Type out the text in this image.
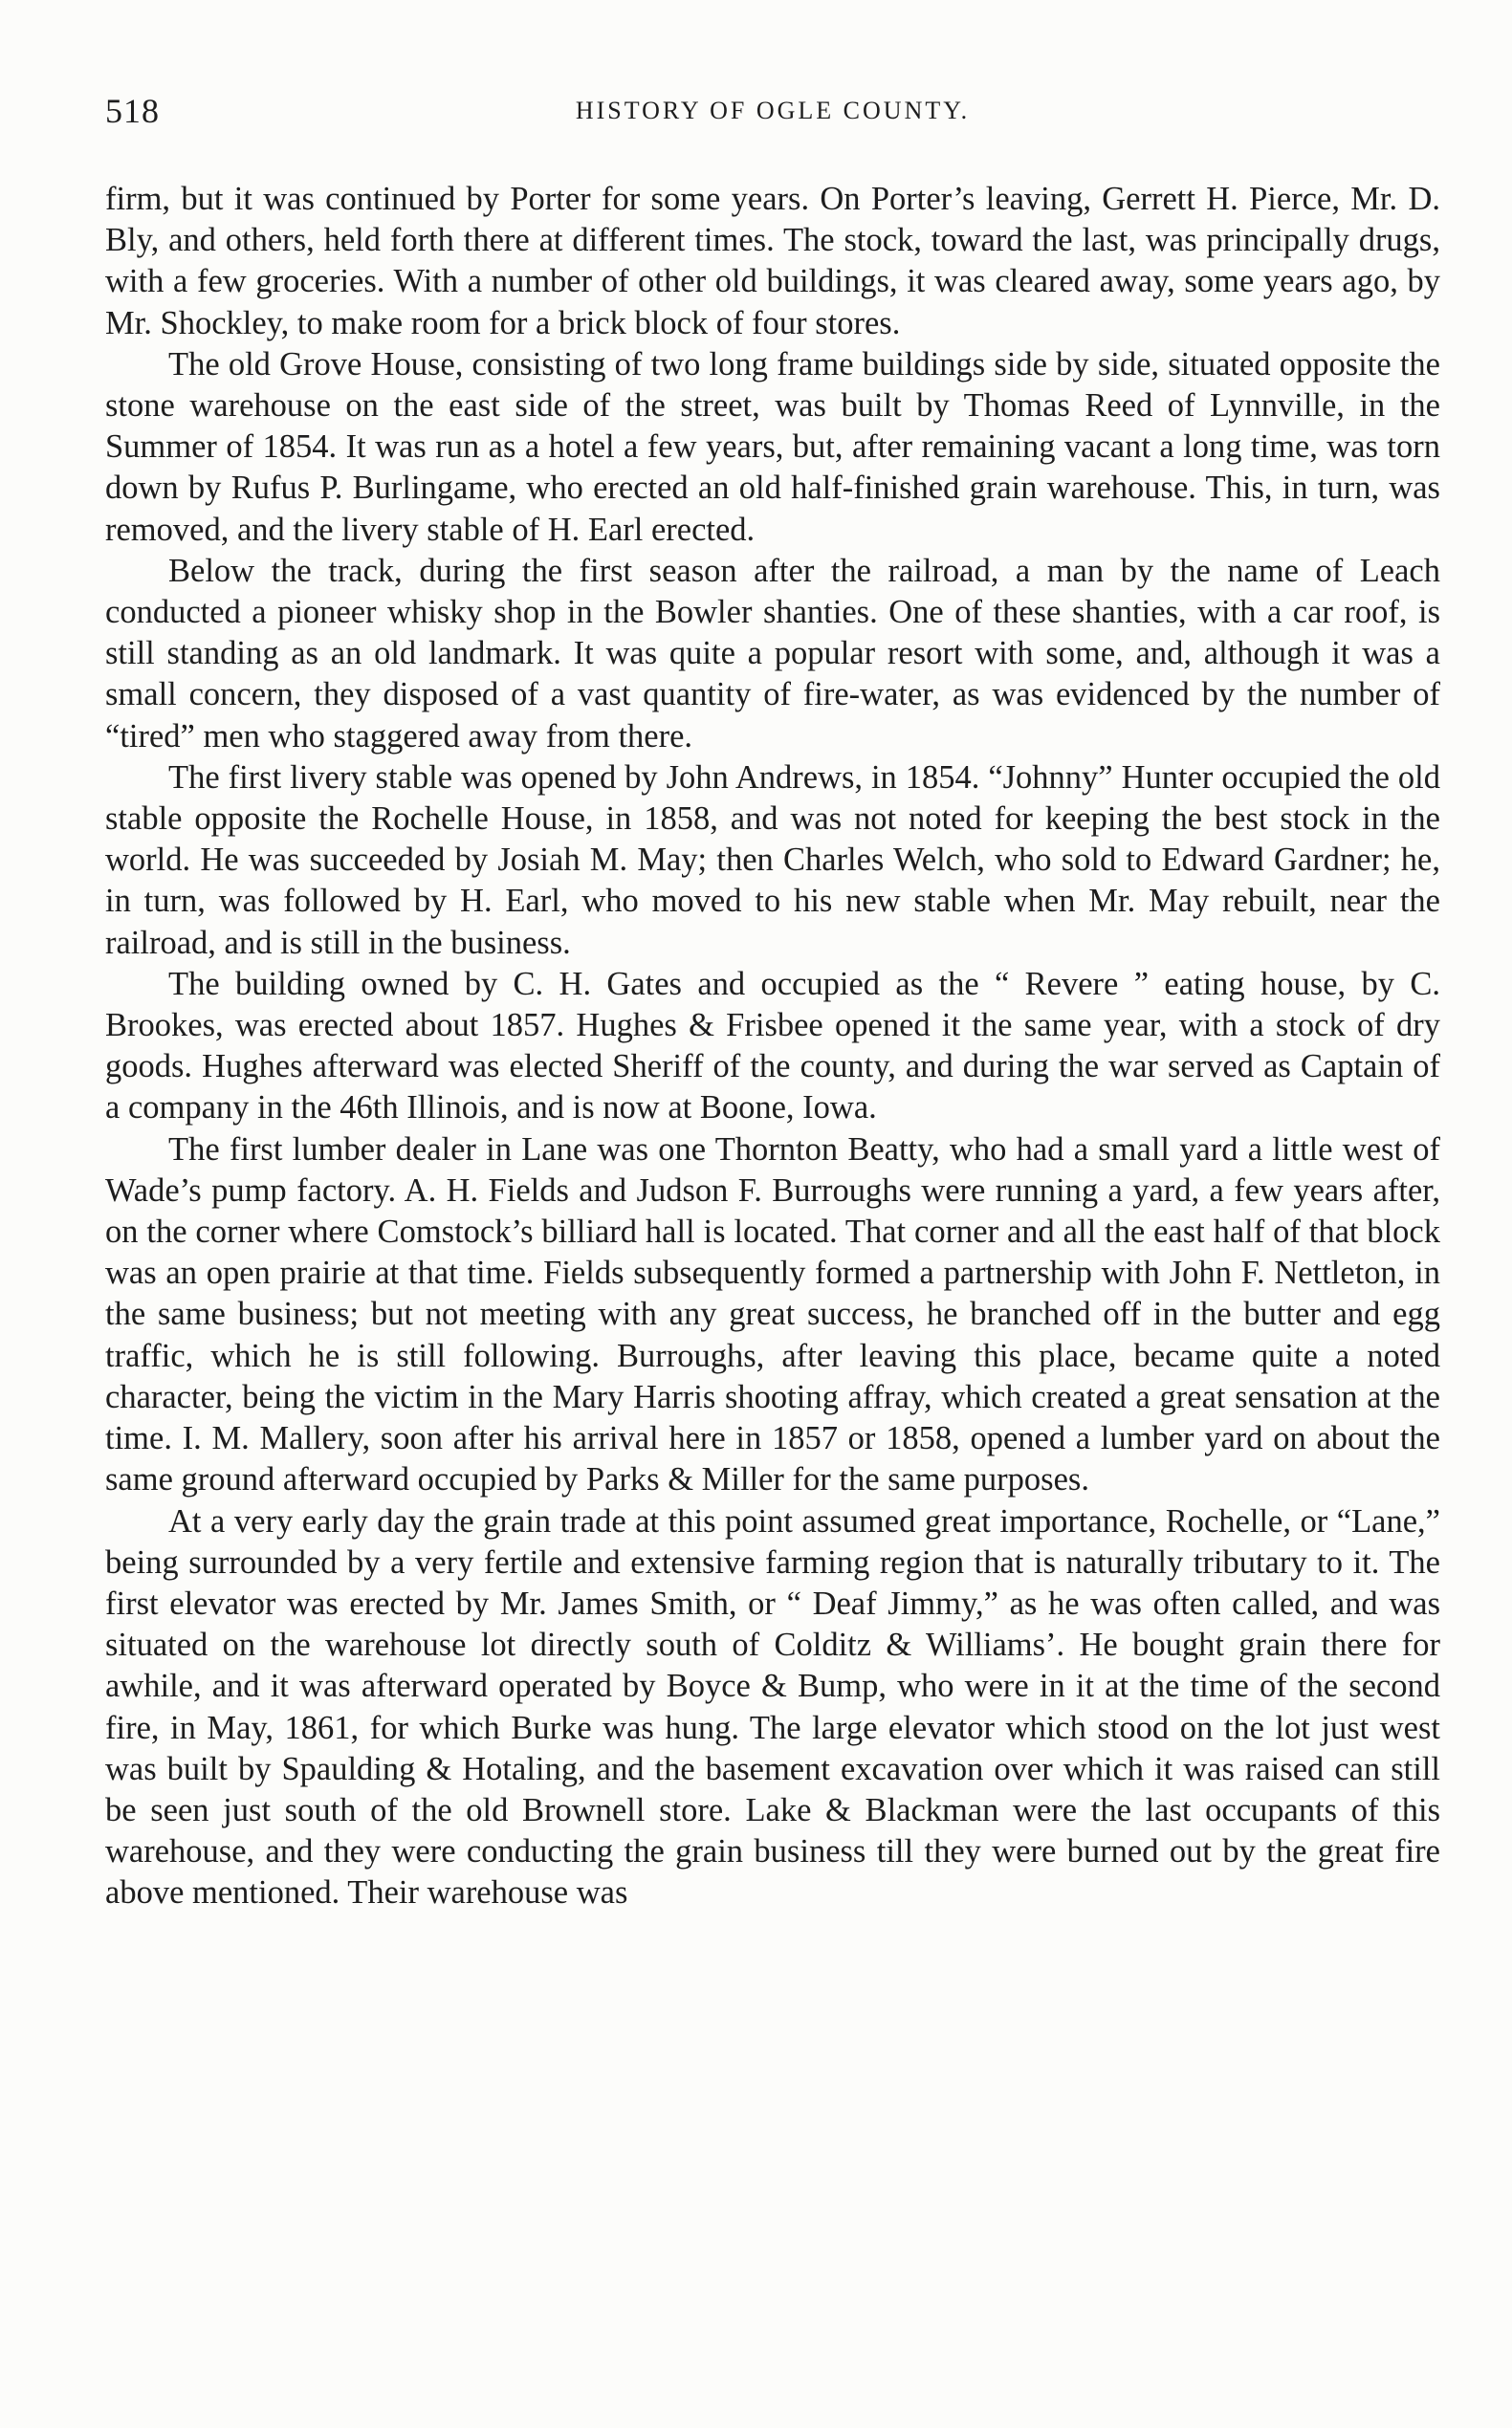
518	HISTORY OF OGLE COUNTY.

firm, but it was continued by Porter for some years. On Porter’s leaving, Gerrett H. Pierce, Mr. D. Bly, and others, held forth there at different times. The stock, toward the last, was principally drugs, with a few groceries. With a number of other old buildings, it was cleared away, some years ago, by Mr. Shockley, to make room for a brick block of four stores.

The old Grove House, consisting of two long frame buildings side by side, situated opposite the stone warehouse on the east side of the street, was built by Thomas Reed of Lynnville, in the Summer of 1854. It was run as a hotel a few years, but, after remaining vacant a long time, was torn down by Rufus P. Burlingame, who erected an old half-finished grain warehouse. This, in turn, was removed, and the livery stable of H. Earl erected.

Below the track, during the first season after the railroad, a man by the name of Leach conducted a pioneer whisky shop in the Bowler shanties. One of these shanties, with a car roof, is still standing as an old landmark. It was quite a popular resort with some, and, although it was a small concern, they disposed of a vast quantity of fire-water, as was evidenced by the number of “tired” men who staggered away from there.

The first livery stable was opened by John Andrews, in 1854. “Johnny” Hunter occupied the old stable opposite the Rochelle House, in 1858, and was not noted for keeping the best stock in the world. He was succeeded by Josiah M. May; then Charles Welch, who sold to Edward Gardner; he, in turn, was followed by H. Earl, who moved to his new stable when Mr. May rebuilt, near the railroad, and is still in the business.

The building owned by C. H. Gates and occupied as the “ Revere ” eating house, by C. Brookes, was erected about 1857. Hughes & Frisbee opened it the same year, with a stock of dry goods. Hughes afterward was elected Sheriff of the county, and during the war served as Captain of a company in the 46th Illinois, and is now at Boone, Iowa.

The first lumber dealer in Lane was one Thornton Beatty, who had a small yard a little west of Wade’s pump factory. A. H. Fields and Judson F. Burroughs were running a yard, a few years after, on the corner where Comstock’s billiard hall is located. That corner and all the east half of that block was an open prairie at that time. Fields subsequently formed a partnership with John F. Nettleton, in the same business; but not meeting with any great success, he branched off in the butter and egg traffic, which he is still following. Burroughs, after leaving this place, became quite a noted character, being the victim in the Mary Harris shooting affray, which created a great sensation at the time. I. M. Mallery, soon after his arrival here in 1857 or 1858, opened a lumber yard on about the same ground afterward occupied by Parks & Miller for the same purposes.

At a very early day the grain trade at this point assumed great importance, Rochelle, or “Lane,” being surrounded by a very fertile and extensive farming region that is naturally tributary to it. The first elevator was erected by Mr. James Smith, or “ Deaf Jimmy,” as he was often called, and was situated on the warehouse lot directly south of Colditz & Williams’. He bought grain there for awhile, and it was afterward operated by Boyce & Bump, who were in it at the time of the second fire, in May, 1861, for which Burke was hung. The large elevator which stood on the lot just west was built by Spaulding & Hotaling, and the basement excavation over which it was raised can still be seen just south of the old Brownell store. Lake & Blackman were the last occupants of this warehouse, and they were conducting the grain business till they were burned out by the great fire above mentioned. Their warehouse was
